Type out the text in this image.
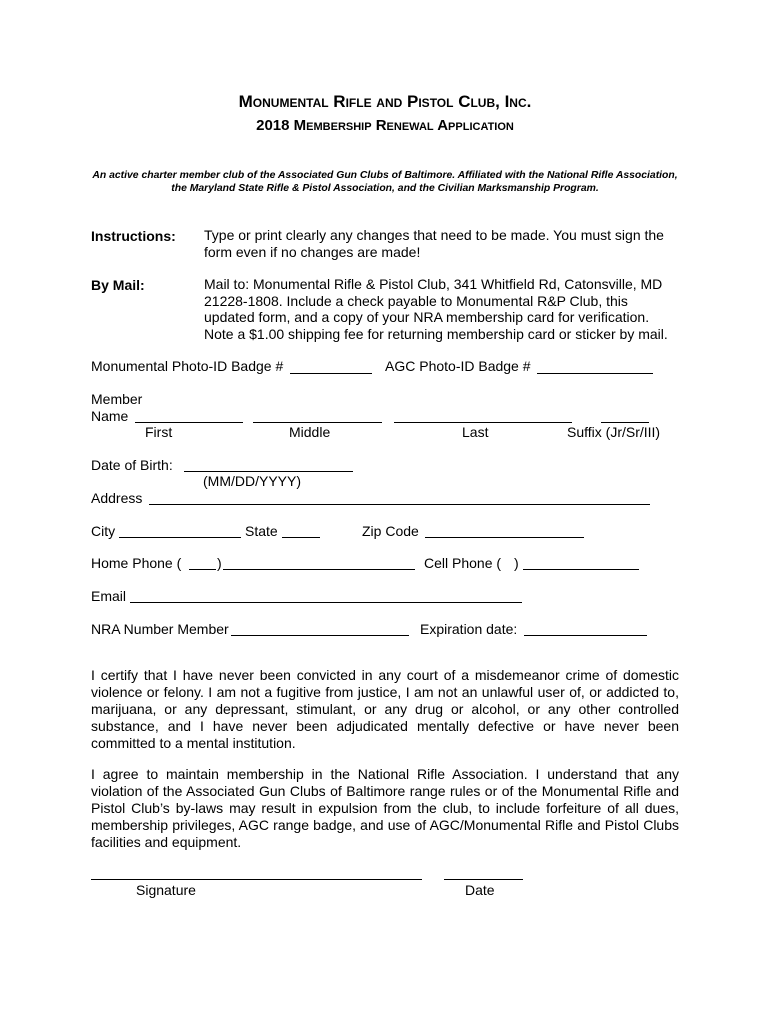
Monumental Rifle and Pistol Club, Inc.
2018 Membership Renewal Application
An active charter member club of the Associated Gun Clubs of Baltimore. Affiliated with the National Rifle Association,
the Maryland State Rifle & Pistol Association, and the Civilian Marksmanship Program.
Instructions: Type or print clearly any changes that need to be made. You must sign the form even if no changes are made!
By Mail:	Mail to: Monumental Rifle & Pistol Club, 341 Whitfield Rd, Catonsville, MD 21228-1808. Include a check payable to Monumental R&P Club, this updated form, and a copy of your NRA membership card for verification. Note a $1.00 shipping fee for returning membership card or sticker by mail.
Monumental Photo-ID Badge #	AGC Photo-ID Badge #
Member
Name
First	Middle	Last	Suffix (Jr/Sr/III)
Date of Birth:
(MM/DD/YYYY)
Address
City	State	Zip Code
Home Phone (	)	Cell Phone ( )
Email
NRA Number Member	Expiration date:
I certify that I have never been convicted in any court of a misdemeanor crime of domestic violence or felony. I am not a fugitive from justice, I am not an unlawful user of, or addicted to, marijuana, or any depressant, stimulant, or any drug or alcohol, or any other controlled substance, and I have never been adjudicated mentally defective or have never been committed to a mental institution.
I agree to maintain membership in the National Rifle Association. I understand that any violation of the Associated Gun Clubs of Baltimore range rules or of the Monumental Rifle and Pistol Club’s by-laws may result in expulsion from the club, to include forfeiture of all dues, membership privileges, AGC range badge, and use of AGC/Monumental Rifle and Pistol Clubs facilities and equipment.
Signature	Date
